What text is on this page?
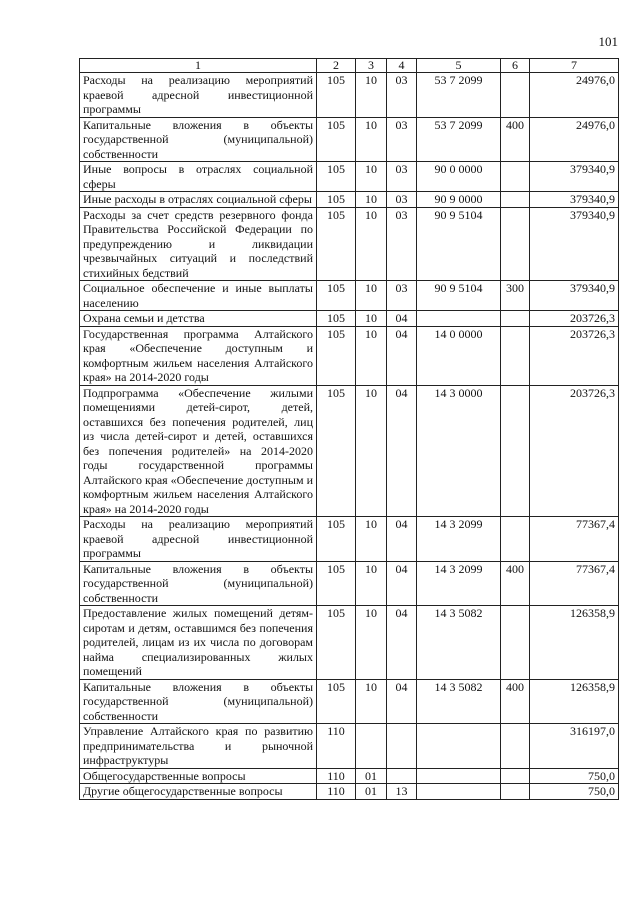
101
1	2	3	4	5	6	7
Расходы на реализацию мероприятий краевой адресной инвестиционной программы	105	10	03	53 7 2099		24976,0
Капитальные вложения в объекты государственной (муниципальной) собственности	105	10	03	53 7 2099	400	24976,0
Иные вопросы в отраслях социальной сферы	105	10	03	90 0 0000		379340,9
Иные расходы в отраслях социальной сферы	105	10	03	90 9 0000		379340,9
Расходы за счет средств резервного фонда Правительства Российской Федерации по предупреждению и ликвидации чрезвычайных ситуаций и последствий стихийных бедствий	105	10	03	90 9 5104		379340,9
Социальное обеспечение и иные выплаты населению	105	10	03	90 9 5104	300	379340,9
Охрана семьи и детства	105	10	04			203726,3
Государственная программа Алтайского края «Обеспечение доступным и комфортным жильем населения Алтайского края» на 2014-2020 годы	105	10	04	14 0 0000		203726,3
Подпрограмма «Обеспечение жилыми помещениями детей-сирот, детей, оставшихся без попечения родителей, лиц из числа детей-сирот и детей, оставшихся без попечения родителей» на 2014-2020 годы государственной программы Алтайского края «Обеспечение доступным и комфортным жильем населения Алтайского края» на 2014-2020 годы	105	10	04	14 3 0000		203726,3
Расходы на реализацию мероприятий краевой адресной инвестиционной программы	105	10	04	14 3 2099		77367,4
Капитальные вложения в объекты государственной (муниципальной) собственности	105	10	04	14 3 2099	400	77367,4
Предоставление жилых помещений детям-сиротам и детям, оставшимся без попечения родителей, лицам из их числа по договорам найма специализированных жилых помещений	105	10	04	14 3 5082		126358,9
Капитальные вложения в объекты государственной (муниципальной) собственности	105	10	04	14 3 5082	400	126358,9
Управление Алтайского края по развитию предпринимательства и рыночной инфраструктуры	110					316197,0
Общегосударственные вопросы	110	01				750,0
Другие общегосударственные вопросы	110	01	13			750,0
